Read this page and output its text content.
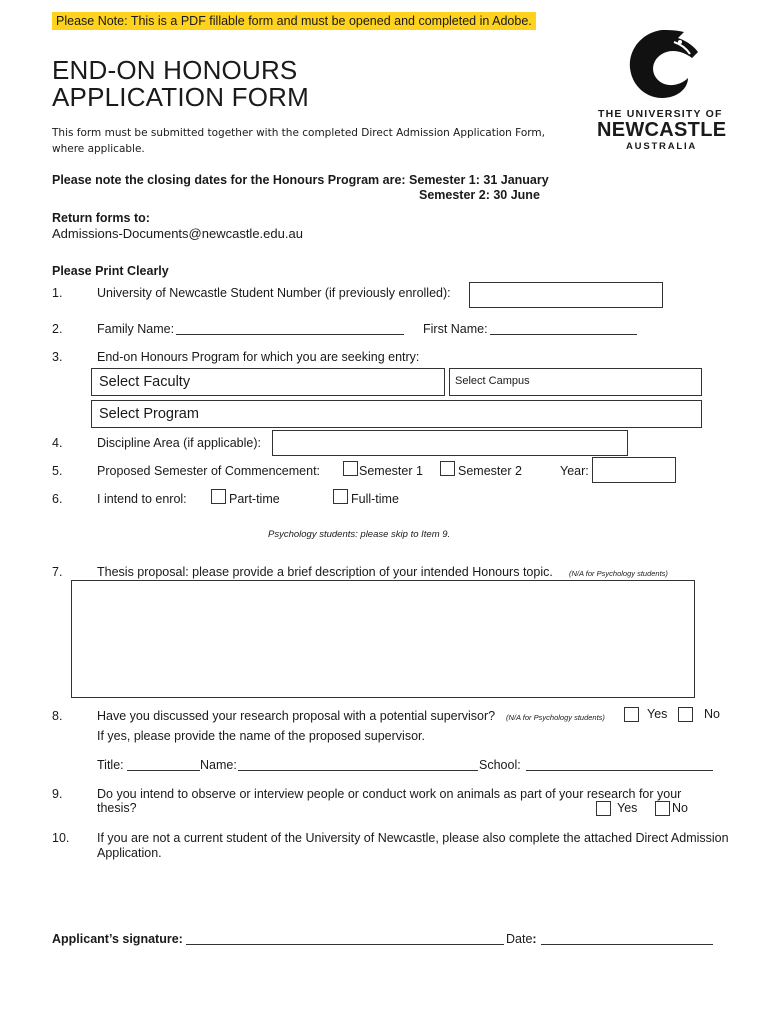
Please Note: This is a PDF fillable form and must be opened and completed in Adobe.
END-ON HONOURS
APPLICATION FORM
This form must be submitted together with the completed Direct Admission Application Form,
where applicable.
THE UNIVERSITY OF
NEWCASTLE
AUSTRALIA
Please note the closing dates for the Honours Program are: Semester 1: 31 January
Semester 2: 30 June
Return forms to:
Admissions-Documents@newcastle.edu.au
Please Print Clearly
1.	University of Newcastle Student Number (if previously enrolled):
2.	Family Name:	First Name:
3.	End-on Honours Program for which you are seeking entry:
Select Faculty	Select Campus
Select Program
4.	Discipline Area (if applicable):
5.	Proposed Semester of Commencement:	Semester 1	Semester 2	Year:
6.	I intend to enrol:	Part-time	Full-time
Psychology students: please skip to Item 9.
7.	Thesis proposal: please provide a brief description of your intended Honours topic. (N/A for Psychology students)
8.	Have you discussed your research proposal with a potential supervisor? (N/A for Psychology students)	Yes	No
If yes, please provide the name of the proposed supervisor.
Title:	Name:	School:
9.	Do you intend to observe or interview people or conduct work on animals as part of your research for your
thesis?	Yes	No
10. If you are not a current student of the University of Newcastle, please also complete the attached Direct Admission
Application.
Applicant’s signature:	Date:
